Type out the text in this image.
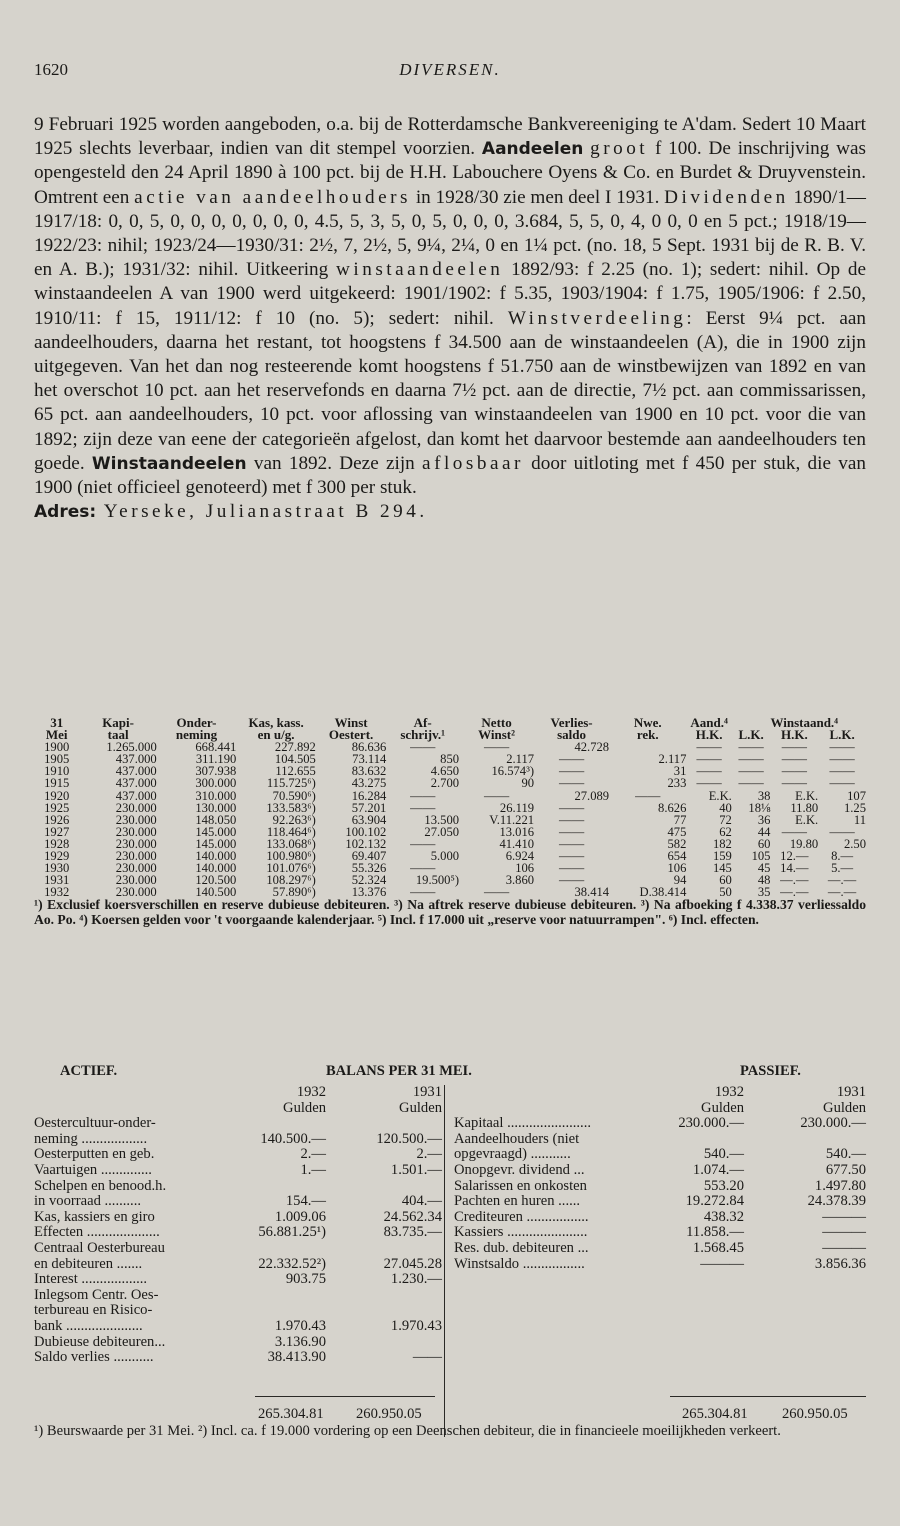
1620	DIVERSEN.
9 Februari 1925 worden aangeboden, o.a. bij de Rotterdamsche Bankvereeniging te A'dam. Sedert 10 Maart 1925 slechts leverbaar, indien van dit stempel voorzien. Aandeelen groot f 100. De inschrijving was opengesteld den 24 April 1890 à 100 pct. bij de H.H. Labouchere Oyens & Co. en Burdet & Druyvenstein. Omtrent een actie van aandeelhouders in 1928/30 zie men deel I 1931. Dividenden 1890/1—1917/18: 0, 0, 5, 0, 0, 0, 0, 0, 0, 0, 4.5, 5, 3, 5, 0, 5, 0, 0, 0, 3.684, 5, 5, 0, 4, 0 0, 0 en 5 pct.; 1918/19—1922/23: nihil; 1923/24—1930/31: 2½, 7, 2½, 5, 9¼, 2¼, 0 en 1¼ pct. (no. 18, 5 Sept. 1931 bij de R. B. V. en A. B.); 1931/32: nihil. Uitkeering winstaandeelen 1892/93: f 2.25 (no. 1); sedert: nihil. Op de winstaandeelen A van 1900 werd uitgekeerd: 1901/1902: f 5.35, 1903/1904: f 1.75, 1905/1906: f 2.50, 1910/11: f 15, 1911/12: f 10 (no. 5); sedert: nihil. Winstverdeeling: Eerst 9¼ pct. aan aandeelhouders, daarna het restant, tot hoogstens f 34.500 aan de winstaandeelen (A), die in 1900 zijn uitgegeven. Van het dan nog resteerende komt hoogstens f 51.750 aan de winstbewijzen van 1892 en van het overschot 10 pct. aan het reservefonds en daarna 7½ pct. aan de directie, 7½ pct. aan commissarissen, 65 pct. aan aandeelhouders, 10 pct. voor aflossing van winstaandeelen van 1900 en 10 pct. voor die van 1892; zijn deze van eene der categorieën afgelost, dan komt het daarvoor bestemde aan aandeelhouders ten goede. Winstaandeelen van 1892. Deze zijn aflosbaar door uitloting met f 450 per stuk, die van 1900 (niet officieel genoteerd) met f 300 per stuk.
Adres: Yerseke, Julianastraat B 294.
31	Kapi-	Onder-	Kas, kass.	Winst	Af-	Netto	Verlies-	Nwe.	Aand.⁴		Winstaand.⁴	
Mei	taal	neming	en u/g.	Oestert.	schrijv.¹	Winst²	saldo	rek.	H.K.	L.K.	H.K.	L.K.
1900	1.265.000	668.441	227.892	86.636	——	——	42.728		——	——	——	——
1905	437.000	311.190	104.505	73.114	850	2.117	——	2.117	——	——	——	——
1910	437.000	307.938	112.655	83.632	4.650	16.574³)	——	31	——	——	——	——
1915	437.000	300.000	115.725⁶)	43.275	2.700	90	——	233	——	——	——	——
1920	437.000	310.000	70.590⁶)	16.284	——	——	27.089	——	E.K.	38	E.K.	107
1925	230.000	130.000	133.583⁶)	57.201	——	26.119	——	8.626	40	18⅛	11.80	1.25
1926	230.000	148.050	92.263⁶)	63.904	13.500	V.11.221	——	77	72	36	E.K.	11
1927	230.000	145.000	118.464⁶)	100.102	27.050	13.016	——	475	62	44	——	——
1928	230.000	145.000	133.068⁶)	102.132	——	41.410	——	582	182	60	19.80	2.50
1929	230.000	140.000	100.980⁶)	69.407	5.000	6.924	——	654	159	105	12.—	8.—
1930	230.000	140.000	101.076⁶)	55.326	——	106	——	106	145	45	14.—	5.—
1931	230.000	120.500	108.297⁶)	52.324	19.500⁵)	3.860	——	94	60	48	—.—	—.—
1932	230.000	140.500	57.890⁶)	13.376	——	——	38.414	D.38.414	50	35	—.—	—.—
¹) Exclusief koersverschillen en reserve dubieuse debiteuren. ³) Na aftrek reserve dubieuse debiteuren. ³) Na afboeking f 4.338.37 verliessaldo Ao. Po. ⁴) Koersen gelden voor 't voorgaande kalenderjaar. ⁵) Incl. f 17.000 uit „reserve voor natuurrampen". ⁶) Incl. effecten.
ACTIEF.	BALANS PER 31 MEI.	PASSIEF.
1932	1931
Gulden	Gulden
Oestercultuur-onder-
neming ..................	140.500.—	120.500.—
Oesterputten en geb.	2.—	2.—
Vaartuigen ..............	1.—	1.501.—
Schelpen en benood.h.
in voorraad ..........	154.—	404.—
Kas, kassiers en giro	1.009.06	24.562.34
Effecten ....................	56.881.25¹)	83.735.—
Centraal Oesterbureau
en debiteuren .......	22.332.52²)	27.045.28
Interest ..................	903.75	1.230.—
Inlegsom Centr. Oes-
terbureau en Risico-
bank .....................	1.970.43	1.970.43
Dubieuse debiteuren...	3.136.90
Saldo verlies ...........	38.413.90	——
1932	1931
Gulden	Gulden
Kapitaal .......................	230.000.—	230.000.—
Aandeelhouders (niet
opgevraagd) ...........	540.—	540.—
Onopgevr. dividend ...	1.074.—	677.50
Salarissen en onkosten	553.20	1.497.80
Pachten en huren ......	19.272.84	24.378.39
Crediteuren .................	438.32	———
Kassiers ......................	11.858.—	———
Res. dub. debiteuren ...	1.568.45	———
Winstsaldo .................	———	3.856.36
265.304.81 260.950.05	265.304.81 260.950.05
¹) Beurswaarde per 31 Mei. ²) Incl. ca. f 19.000 vordering op een Deenschen debiteur, die in financieele moeilijkheden verkeert.
